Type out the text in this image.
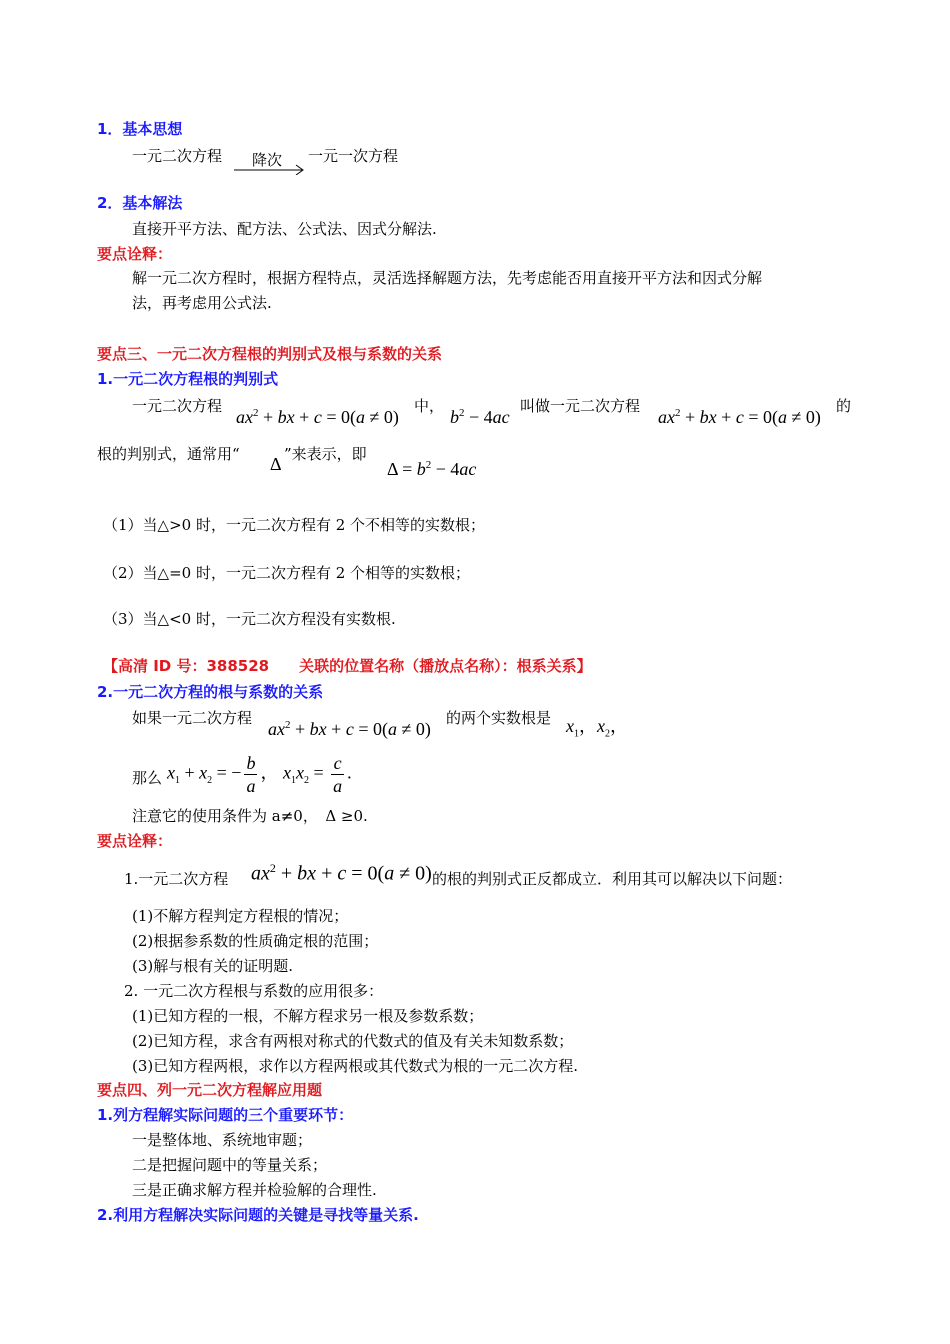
1．基本思想
一元二次方程 降次 一元一次方程
2．基本解法
直接开平方法、配方法、公式法、因式分解法.
要点诠释：
解一元二次方程时，根据方程特点，灵活选择解题方法，先考虑能否用直接开平方法和因式分解
法，再考虑用公式法.
要点三、一元二次方程根的判别式及根与系数的关系
1.一元二次方程根的判别式
一元二次方程
$ax^2$ + bx + c = 0(a ≠ 0)
中，
$b^2 - 4ac$
叫做一元二次方程
$ax^2$ + bx + c = 0(a ≠ 0)
的
根的判别式，通常用“ Δ ”来表示，即
$\Delta = b^2 - 4ac$
（1）当△>0 时，一元二次方程有 2 个不相等的实数根；
（2）当△=0 时，一元二次方程有 2 个相等的实数根；
（3）当△<0 时，一元二次方程没有实数根.
【高清 ID 号：388528　　关联的位置名称（播放点名称）：根系关系】
2.一元二次方程的根与系数的关系
如果一元二次方程
$ax^2$ + bx + c = 0(a ≠ 0)
的两个实数根是 $x_1$，$x_2$，
那么 $x_1 + x_2$ = − $\frac{b}{a}$ ， $x_1x_2 = \frac{c}{a}$ .
注意它的使用条件为 a≠0，　Δ ≥0.
要点诠释：
1.一元二次方程 $ax^2$ + bx + c = 0(a ≠ 0) 的根的判别式正反都成立．利用其可以解决以下问题：
(1)不解方程判定方程根的情况；
(2)根据参系数的性质确定根的范围；
(3)解与根有关的证明题.
2. 一元二次方程根与系数的应用很多：
(1)已知方程的一根，不解方程求另一根及参数系数；
(2)已知方程，求含有两根对称式的代数式的值及有关未知数系数；
(3)已知方程两根，求作以方程两根或其代数式为根的一元二次方程.
要点四、列一元二次方程解应用题
1.列方程解实际问题的三个重要环节：
一是整体地、系统地审题；
二是把握问题中的等量关系；
三是正确求解方程并检验解的合理性.
2.利用方程解决实际问题的关键是寻找等量关系.
